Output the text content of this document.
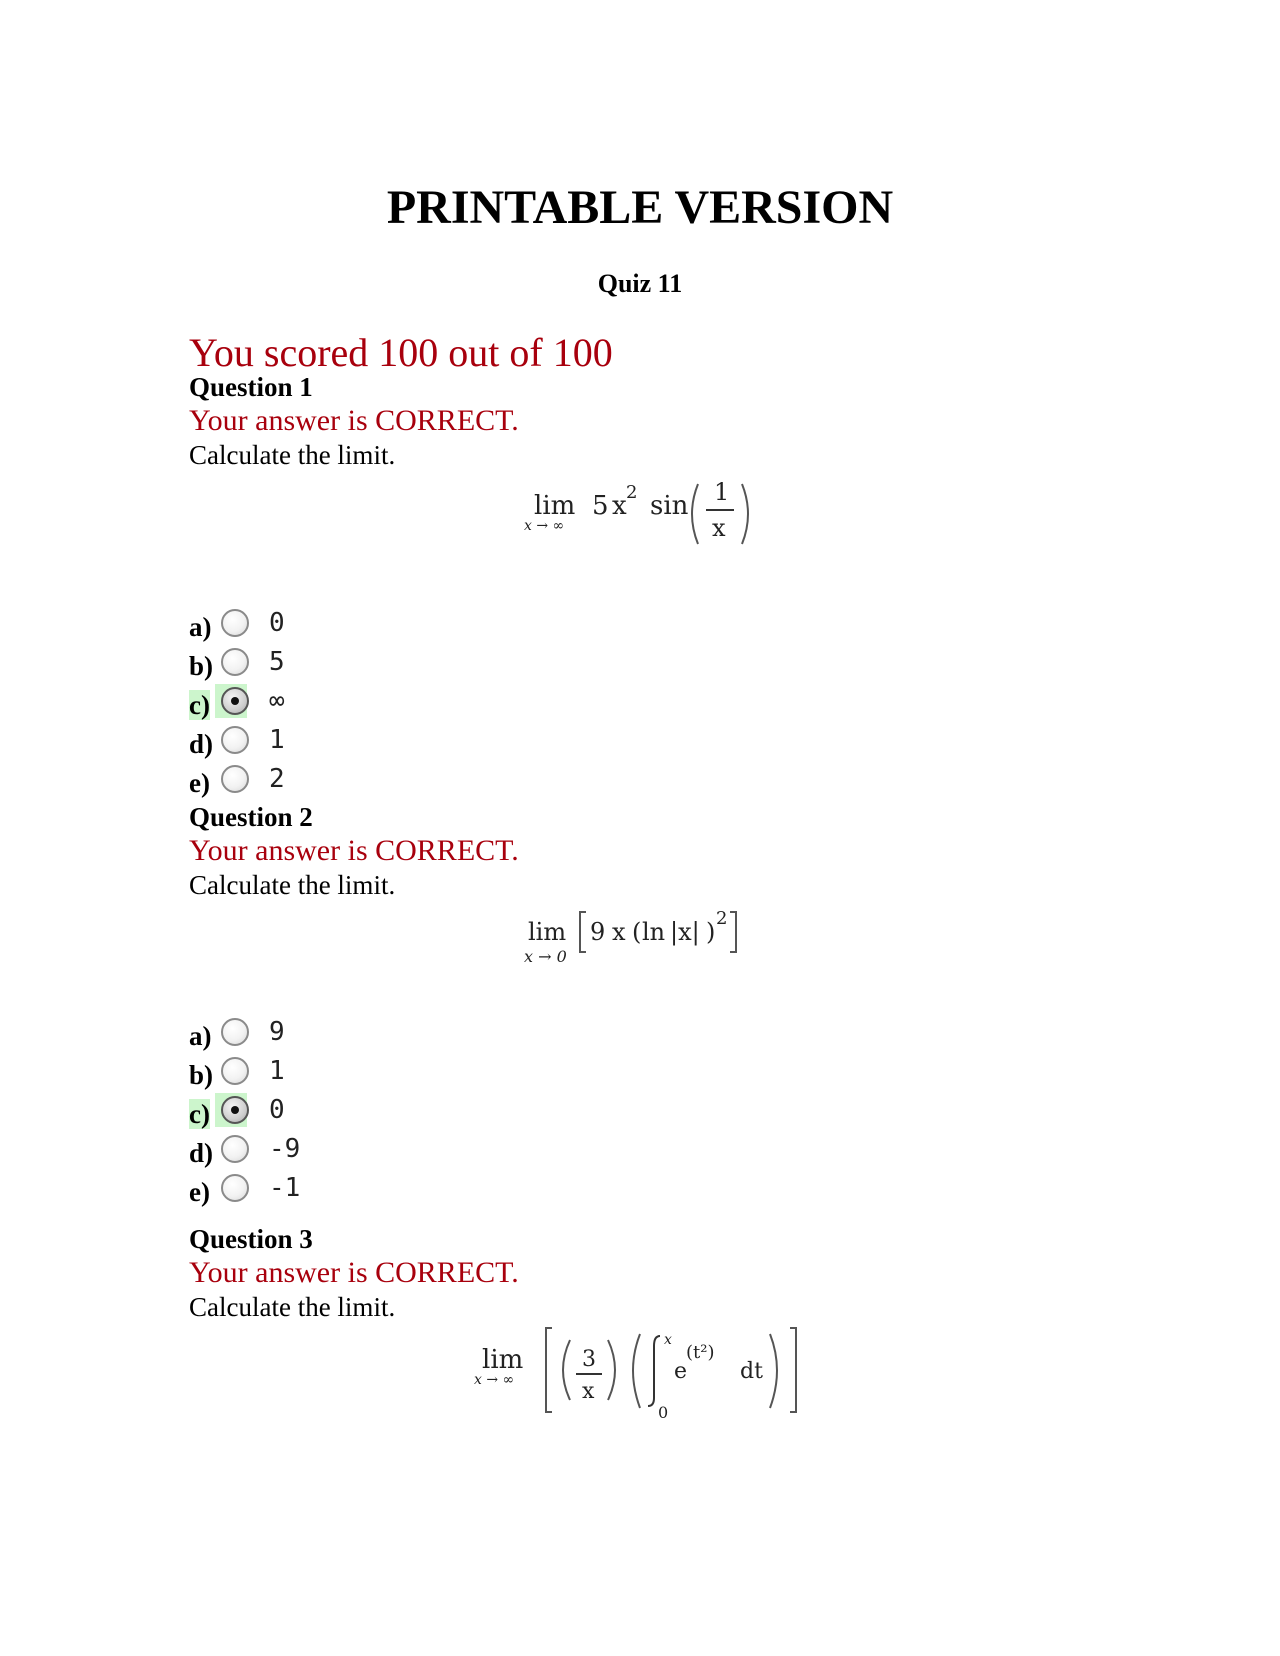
PRINTABLE VERSION
Quiz 11
You scored 100 out of 100
Question 1
Your answer is CORRECT.
Calculate the limit.
lim
x → ∞
5 x 2 sin 1
x
a) 0
b) 5
c) ∞
d) 1
e) 2
Question 2
Your answer is CORRECT.
Calculate the limit.
lim
x → 0
9 x ( ln |x| ) 2
a) 9
b) 1
c) 0
d) -9
e) -1
Question 3
Your answer is CORRECT.
Calculate the limit.
lim
x → ∞
3
x
x
0
e
(t²)
dt
